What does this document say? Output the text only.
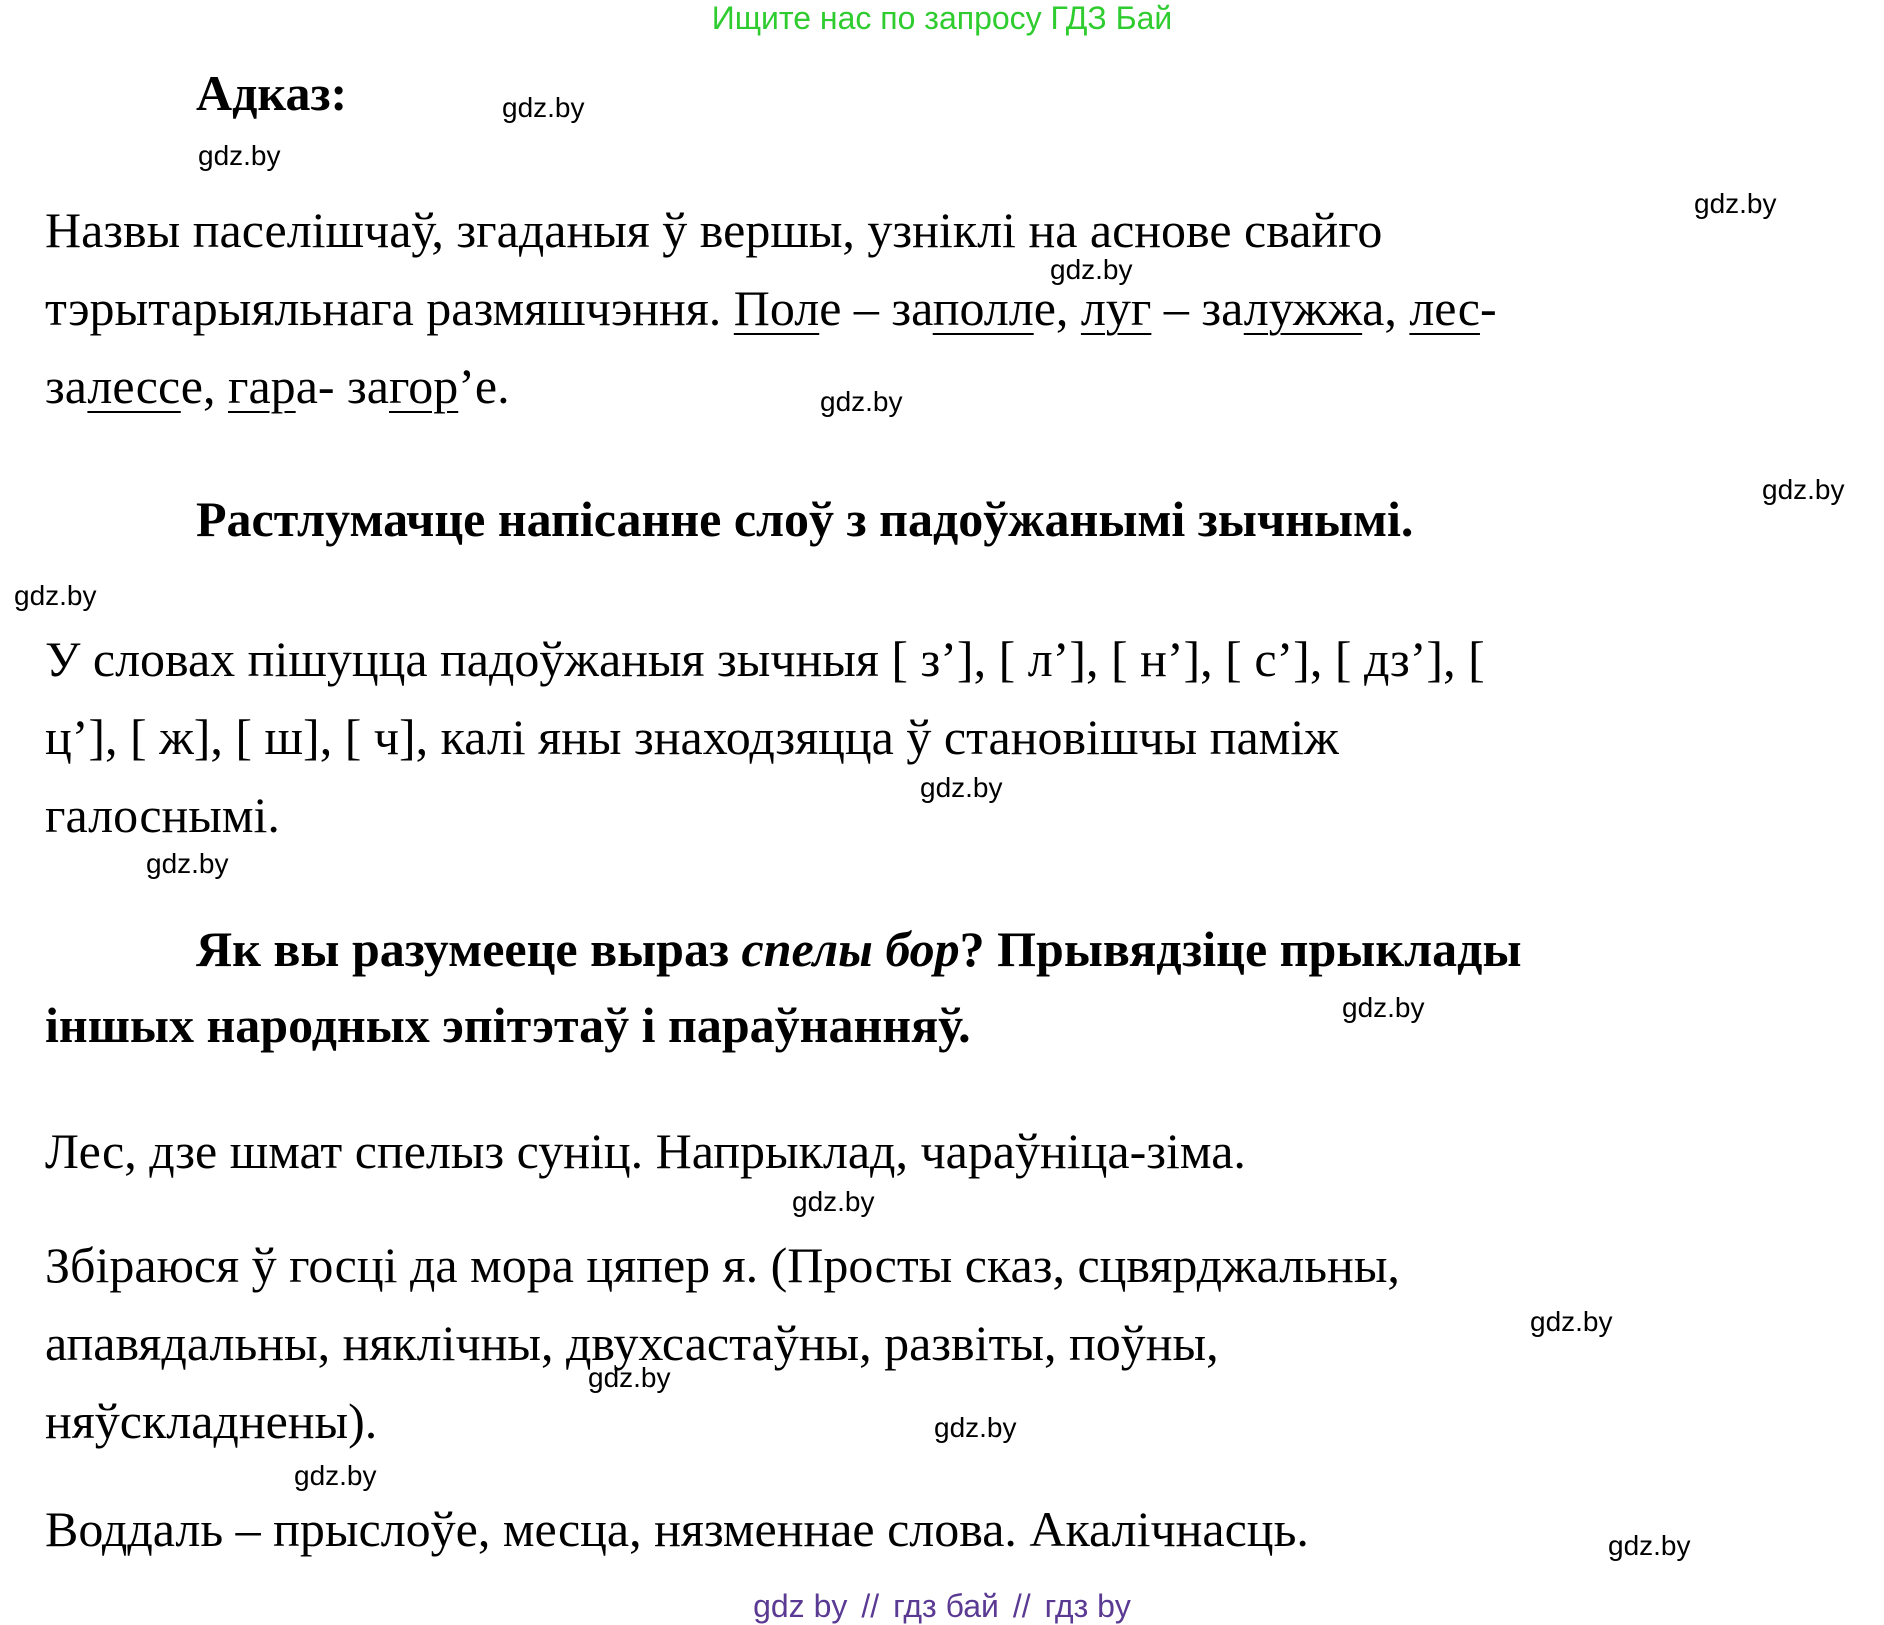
Ищите нас по запросу ГДЗ Бай
Адказ:
Назвы паселішчаў, згаданыя ў вершы, узніклі на аснове свайго
тэрытарыяльнага размяшчэння. Поле – заполле, луг – залужжа, лес-
залессе, гара- загор’е.
Растлумачце напісанне слоў з падоўжанымі зычнымі.
У словах пішуцца падоўжаныя зычныя [ з’], [ л’], [ н’], [ с’], [ дз’], [
ц’], [ ж], [ ш], [ ч], калі яны знаходзяцца ў становішчы паміж
галоснымі.
Як вы разумееце выраз спелы бор? Прывядзіце прыклады
іншых народных эпітэтаў і параўнанняў.
Лес, дзе шмат спелыз суніц. Напрыклад, чараўніца-зіма.
Збіраюся ў госці да мора цяпер я. (Просты сказ, сцвярджальны,
апавядальны, няклічны, двухсастаўны, развіты, поўны,
няўскладнены).
Воддаль – прыслоўе, месца, нязменнае слова. Акалічнасць.
gdz.by
gdz.by
gdz.by
gdz.by
gdz.by
gdz.by
gdz.by
gdz.by
gdz.by
gdz.by
gdz.by
gdz.by
gdz.by
gdz.by
gdz.by
gdz.by
gdz by // гдз бай // гдз by
